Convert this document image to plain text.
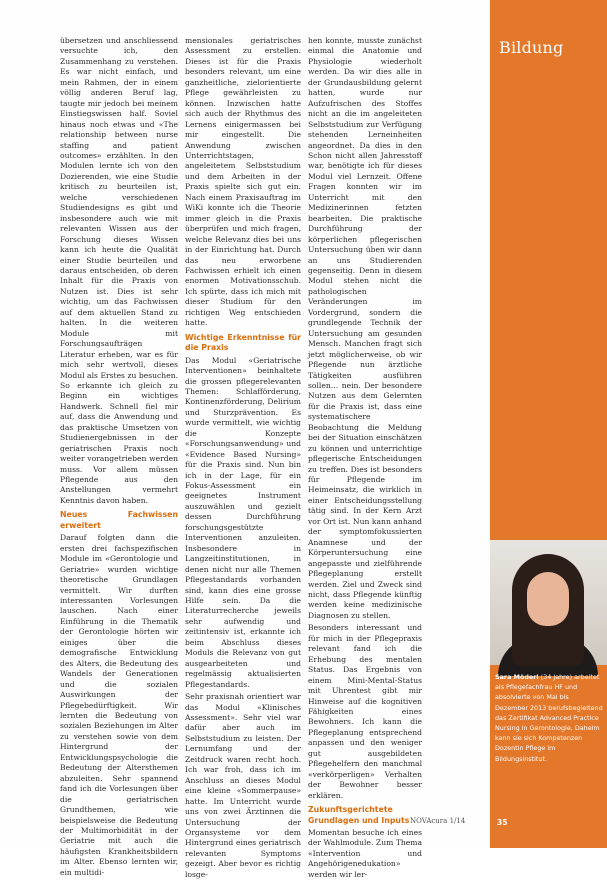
übersetzen und anschliessend versuchte ich, den Zusammenhang zu verstehen. Es war nicht einfach, und mein Rahmen, der in einem völlig anderen Beruf lag, taugte mir jedoch bei meinem Einstiegswissen half. Soviel hinaus noch etwas und «The relationship between nurse staffing and patient outcomes» erzählten. In den Modulen lernte ich von den Dozierenden, wie eine Studie kritisch zu beurteilen ist, welche verschiedenen Studiendesigns es gibt und insbesondere auch wie mit relevanten Wissen aus der Forschung dieses Wissen kann ich heute die Qualität einer Studie beurteilen und daraus entscheiden, ob deren Inhalt für die Praxis von Nutzen ist. Dies ist sehr wichtig, um das Fachwissen auf dem aktuellen Stand zu halten. In die weiteren Module mit Forschungsaufträgen Literatur erheben, war es für mich sehr wertvoll, dieses Modul als Erstes zu besuchen. So erkannte ich gleich zu Beginn ein wichtiges Handwerk. Schnell fiel mir auf, dass die Anwendung und das praktische Umsetzen von Studienergebnissen in der geriatrischen Praxis noch weiter vorangetrieben werden muss. Vor allem müssen Pflegende aus den Anstellungen vermehrt Kenntnis davon haben.

Neues Fachwissen erweitert

Darauf folgten dann die ersten drei fachspezifischen Module im «Gerontologie und Geriatrie» wurden wichtige theoretische Grundlagen vermittelt. Wir durften interessanten Vorlesungen lauschen. Nach einer Einführung in die Thematik der Gerontologie hörten wir einiges über die demografische Entwicklung des Alters, die Bedeutung des Wandels der Generationen und die sozialen Auswirkungen der Pflegebedürftigkeit. Wir lernten die Bedeutung von sozialen Beziehungen im Alter zu verstehen sowie von dem Hintergrund der Entwicklungspsychologie die Bedeutung der Altersthemen abzuleiten. Sehr spannend fand ich die Vorlesungen über die geriatrischen Grundthemen, wie beispielsweise die Bedeutung der Multimorbidität in der Geriatrie mit auch die häufigsten Krankheitsbildern im Alter. Ebenso lernten wir, ein multidi-

mensionales geriatrisches Assessment zu erstellen. Dieses ist für die Praxis besonders relevant, um eine ganzheitliche, zielorientierte Pflege gewährleisten zu können. Inzwischen hatte sich auch der Rhythmus des Lernens einigermassen bei mir eingestellt. Die Anwendung zwischen Unterrichtstagen, angeleitetem Selbststudium und dem Arbeiten in der Praxis spielte sich gut ein. Nach einem Praxisauftrag im WiKi konnte ich die Theorie immer gleich in die Praxis überprüfen und mich fragen, welche Relevanz dies bei uns in der Einrichtung hat. Durch das neu erworbene Fachwissen erhielt ich einen enormen Motivationsschub. Ich spürte, dass ich mich mit dieser Studium für den richtigen Weg entschieden hatte.

Wichtige Erkenntnisse für die Praxis

Das Modul «Geriatrische Interventionen» beinhaltete die grossen pflegerelevanten Themen: Schlafförderung, Kontinenzförderung, Delirium und Sturzprävention. Es wurde vermittelt, wie wichtig die Konzepte «Forschungsanwendung» und «Evidence Based Nursing» für die Praxis sind. Nun bin ich in der Lage, für ein Fokus-Assessment ein geeignetes Instrument auszuwählen und gezielt dessen Durchführung forschungsgestützte Interventionen anzuleiten. Insbesondere in Langzeitinstitutionen, in denen nicht nur alle Themen Pflegestandards vorhanden sind, kann dies eine grosse Hilfe sein. Da die Literaturrecherche jeweils sehr aufwendig und zeitintensiv ist, erkannte ich beim Abschluss dieses Moduls die Relevanz von gut ausgearbeiteten und regelmässig aktualisierten Pflegestandards.

Sehr praxisnah orientiert war das Modul «Klinisches Assessment». Sehr viel war dafür aber auch im Selbststudium zu leisten. Der Lernumfang und der Zeitdruck waren recht hoch. Ich war froh, dass ich im Anschluss an dieses Modul eine kleine «Sommerpause» hatte. Im Unterricht wurde uns von zwei Ärztinnen die Untersuchung der Organsysteme vor dem Hintergrund eines geriatrisch relevanten Symptoms gezeigt. Aber bevor es richtig losge-

hen konnte, musste zunächst einmal die Anatomie und Physiologie wiederholt werden. Da wir dies alle in der Grundausbildung gelernt hatten, wurde nur Aufzufrischen des Stoffes nicht an die im angeleiteten Selbststudium zur Verfügung stehenden Lerneinheiten angeordnet. Da dies in den Schon nicht allen Jahresstoff war, benötigte ich für dieses Modul viel Lernzeit. Offene Fragen konnten wir im Unterricht mit den Medizinerinnen fetzten bearbeiten. Die praktische Durchführung der körperlichen pflegerischen Untersuchung üben wir dann an uns Studierenden gegenseitig. Denn in diesem Modul stehen nicht die pathologischen Veränderungen im Vordergrund, sondern die grundlegende Technik der Untersuchung am gesunden Mensch. Manchen fragt sich jetzt möglicherweise, ob wir Pflegende nun ärztliche Tätigkeiten ausführen sollen… nein. Der besondere Nutzen aus dem Gelernten für die Praxis ist, dass eine systematischere Beobachtung die Meldung bei der Situation einschätzen zu können und unterrichtige pflegerische Entscheidungen zu treffen. Dies ist besonders für Pflegende im Heimeinsatz, die wirklich in einer Entscheidungsstellung tätig sind. In der Kern Arzt vor Ort ist. Nun kann anhand der symptomfokussierten Anamnese und der Körperuntersuchung eine angepasste und zielführende Pflegeplanung erstellt werden. Ziel und Zweck sind nicht, dass Pflegende künftig werden keine medizinische Diagnosen zu stellen.

Besonders interessant und für mich in der Pflegepraxis relevant fand ich die Erhebung des mentalen Status. Das Ergebnis von einem Mini-Mental-Status mit Uhrentest gibt mir Hinweise auf die kognitiven Fähigkeiten eines Bewohners. Ich kann die Pflegeplanung entsprechend anpassen und den weniger gut ausgebildeten Pflegehelfern den manchmal «verkörperligen» Verhalten der Bewohner besser erklären.

Zukunftsgerichtete Grundlagen und Inputs

Momentan besuche ich eines der Wahlmodule. Zum Thema «Intervention und Angehörigenedukation» werden wir ler-

Bildung
Sara Möderl (34 Jahre) arbeitet als Pflegefachfrau HF und absolvierte von Mai bis Dezember 2013 berufsbegleitend das Zertifikat Advanced Practice Nursing in Gerontologie, Daheim kann sie sich Kompetenzen Dozentin Pflege im Bildungsinstitut.
NOVAcura 1/14	35
